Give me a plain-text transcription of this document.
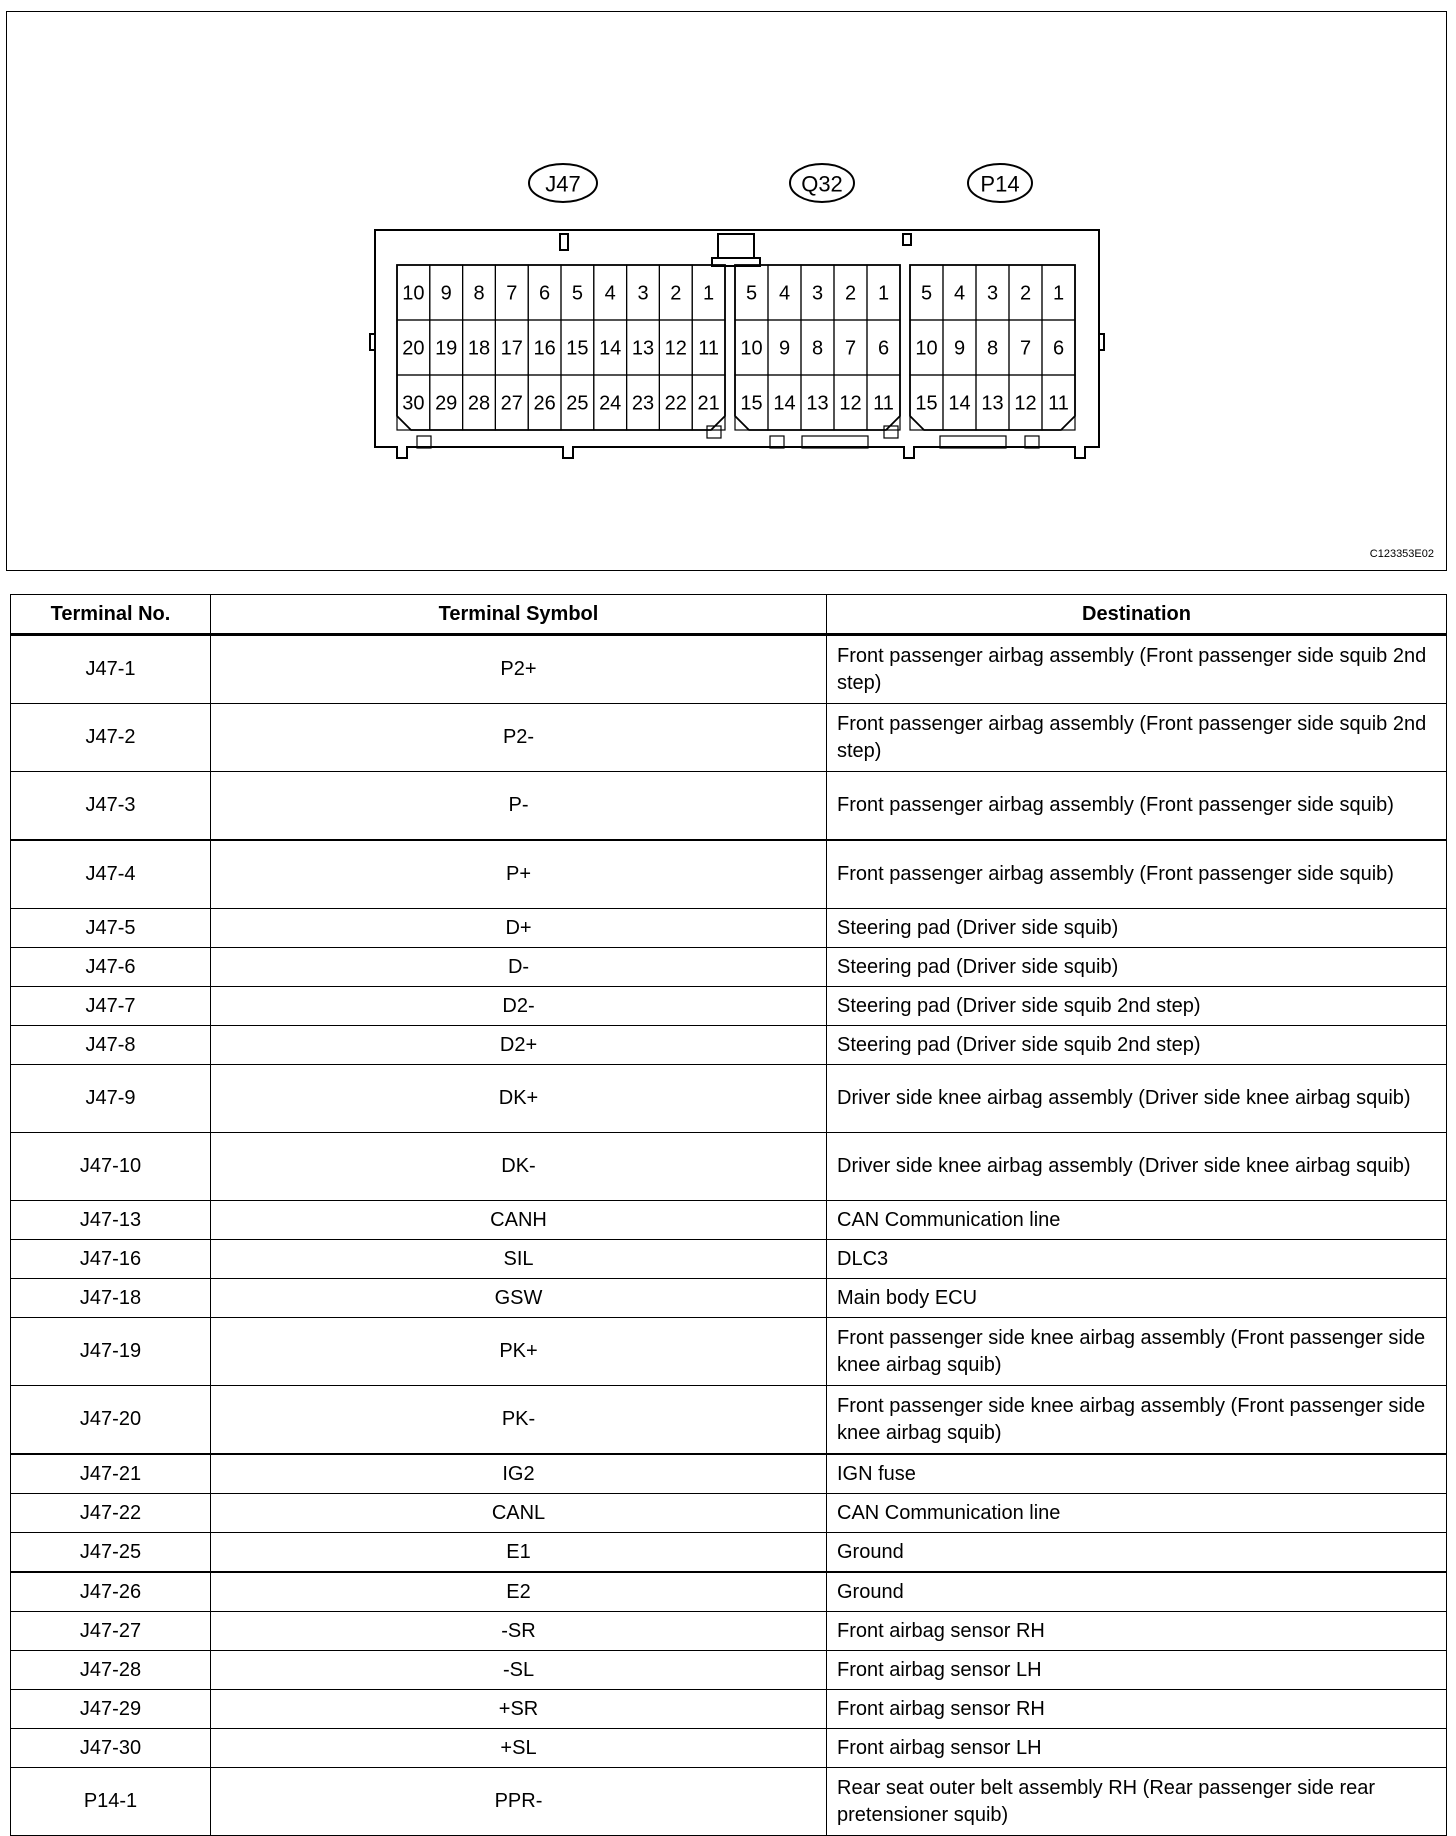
J47	Q32	P14
10 9 8 7 6 5 4 3 2 1
20 19 18 17 16 15 14 13 12 11
30 29 28 27 26 25 24 23 22 21
5 4 3 2 1
10 9 8 7 6
15 14 13 12 11
5 4 3 2 1
10 9 8 7 6
15 14 13 12 11
C123353E02
Terminal No.	Terminal Symbol	Destination
J47-1	P2+	Front passenger airbag assembly (Front passenger side squib 2nd step)
J47-2	P2-	Front passenger airbag assembly (Front passenger side squib 2nd step)
J47-3	P-	Front passenger airbag assembly (Front passenger side squib)
J47-4	P+	Front passenger airbag assembly (Front passenger side squib)
J47-5	D+	Steering pad (Driver side squib)
J47-6	D-	Steering pad (Driver side squib)
J47-7	D2-	Steering pad (Driver side squib 2nd step)
J47-8	D2+	Steering pad (Driver side squib 2nd step)
J47-9	DK+	Driver side knee airbag assembly (Driver side knee airbag squib)
J47-10	DK-	Driver side knee airbag assembly (Driver side knee airbag squib)
J47-13	CANH	CAN Communication line
J47-16	SIL	DLC3
J47-18	GSW	Main body ECU
J47-19	PK+	Front passenger side knee airbag assembly (Front passenger side knee airbag squib)
J47-20	PK-	Front passenger side knee airbag assembly (Front passenger side knee airbag squib)
J47-21	IG2	IGN fuse
J47-22	CANL	CAN Communication line
J47-25	E1	Ground
J47-26	E2	Ground
J47-27	-SR	Front airbag sensor RH
J47-28	-SL	Front airbag sensor LH
J47-29	+SR	Front airbag sensor RH
J47-30	+SL	Front airbag sensor LH
P14-1	PPR-	Rear seat outer belt assembly RH (Rear passenger side rear pretensioner squib)
